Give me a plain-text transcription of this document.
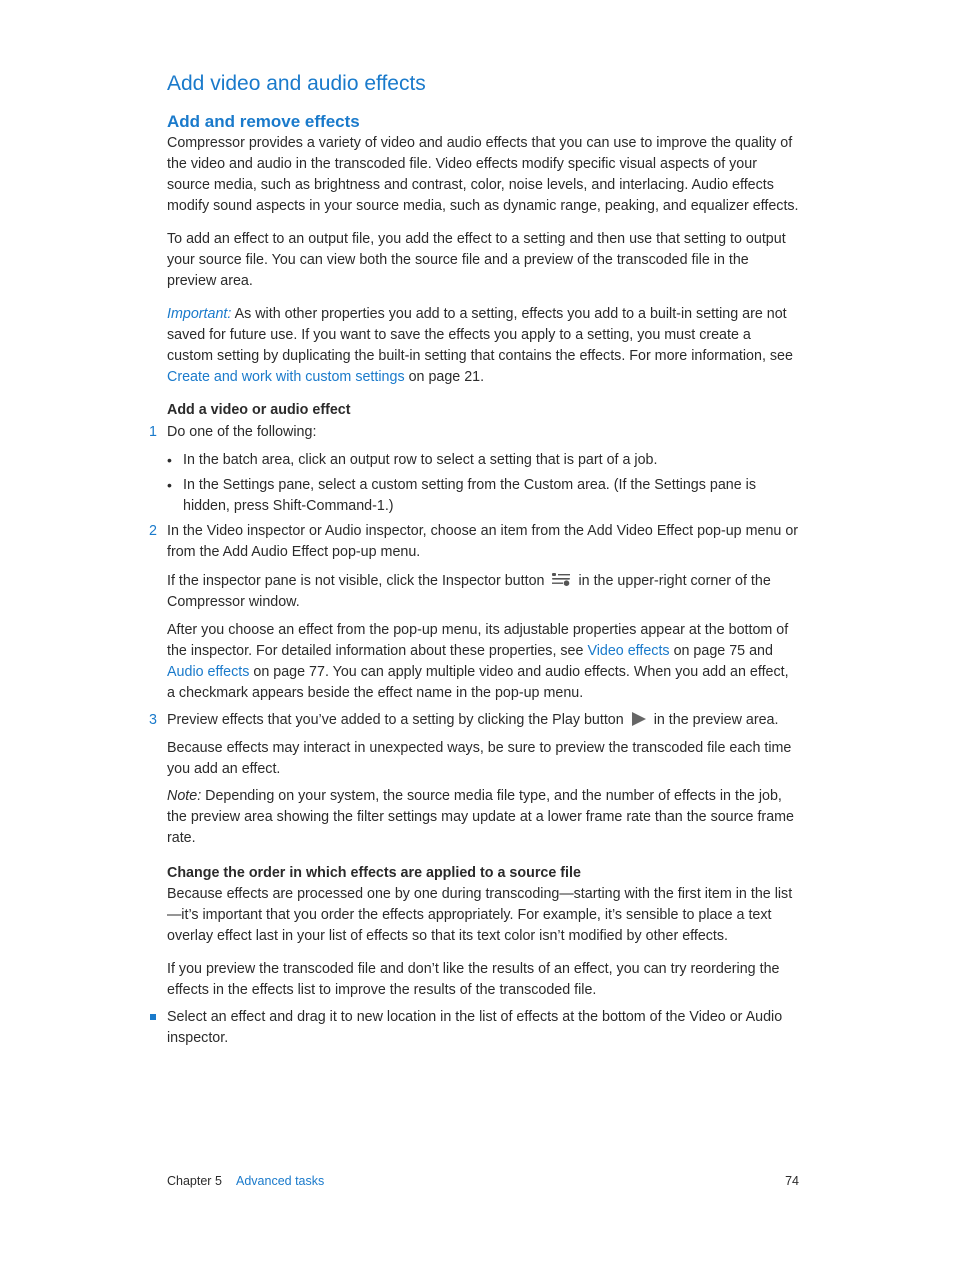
Add video and audio effects
Add and remove effects

Compressor provides a variety of video and audio effects that you can use to improve the quality of the video and audio in the transcoded file. Video effects modify specific visual aspects of your source media, such as brightness and contrast, color, noise levels, and interlacing. Audio effects modify sound aspects in your source media, such as dynamic range, peaking, and equalizer effects.

To add an effect to an output file, you add the effect to a setting and then use that setting to output your source file. You can view both the source file and a preview of the transcoded file in the preview area.

Important: As with other properties you add to a setting, effects you add to a built-in setting are not saved for future use. If you want to save the effects you apply to a setting, you must create a custom setting by duplicating the built-in setting that contains the effects. For more information, see Create and work with custom settings on page 21.

Add a video or audio effect

1 Do one of the following:
• In the batch area, click an output row to select a setting that is part of a job.
• In the Settings pane, select a custom setting from the Custom area. (If the Settings pane is hidden, press Shift-Command-1.)
2 In the Video inspector or Audio inspector, choose an item from the Add Video Effect pop-up menu or from the Add Audio Effect pop-up menu.

If the inspector pane is not visible, click the Inspector button in the upper-right corner of the Compressor window.

After you choose an effect from the pop-up menu, its adjustable properties appear at the bottom of the inspector. For detailed information about these properties, see Video effects on page 75 and Audio effects on page 77. You can apply multiple video and audio effects. When you add an effect, a checkmark appears beside the effect name in the pop-up menu.

3 Preview effects that you’ve added to a setting by clicking the Play button in the preview area.

Because effects may interact in unexpected ways, be sure to preview the transcoded file each time you add an effect.

Note: Depending on your system, the source media file type, and the number of effects in the job, the preview area showing the filter settings may update at a lower frame rate than the source frame rate.

Change the order in which effects are applied to a source file

Because effects are processed one by one during transcoding—starting with the first item in the list—it’s important that you order the effects appropriately. For example, it’s sensible to place a text overlay effect last in your list of effects so that its text color isn’t modified by other effects.

If you preview the transcoded file and don’t like the results of an effect, you can try reordering the effects in the effects list to improve the results of the transcoded file.

Select an effect and drag it to new location in the list of effects at the bottom of the Video or Audio inspector.
Chapter 5 Advanced tasks	74
